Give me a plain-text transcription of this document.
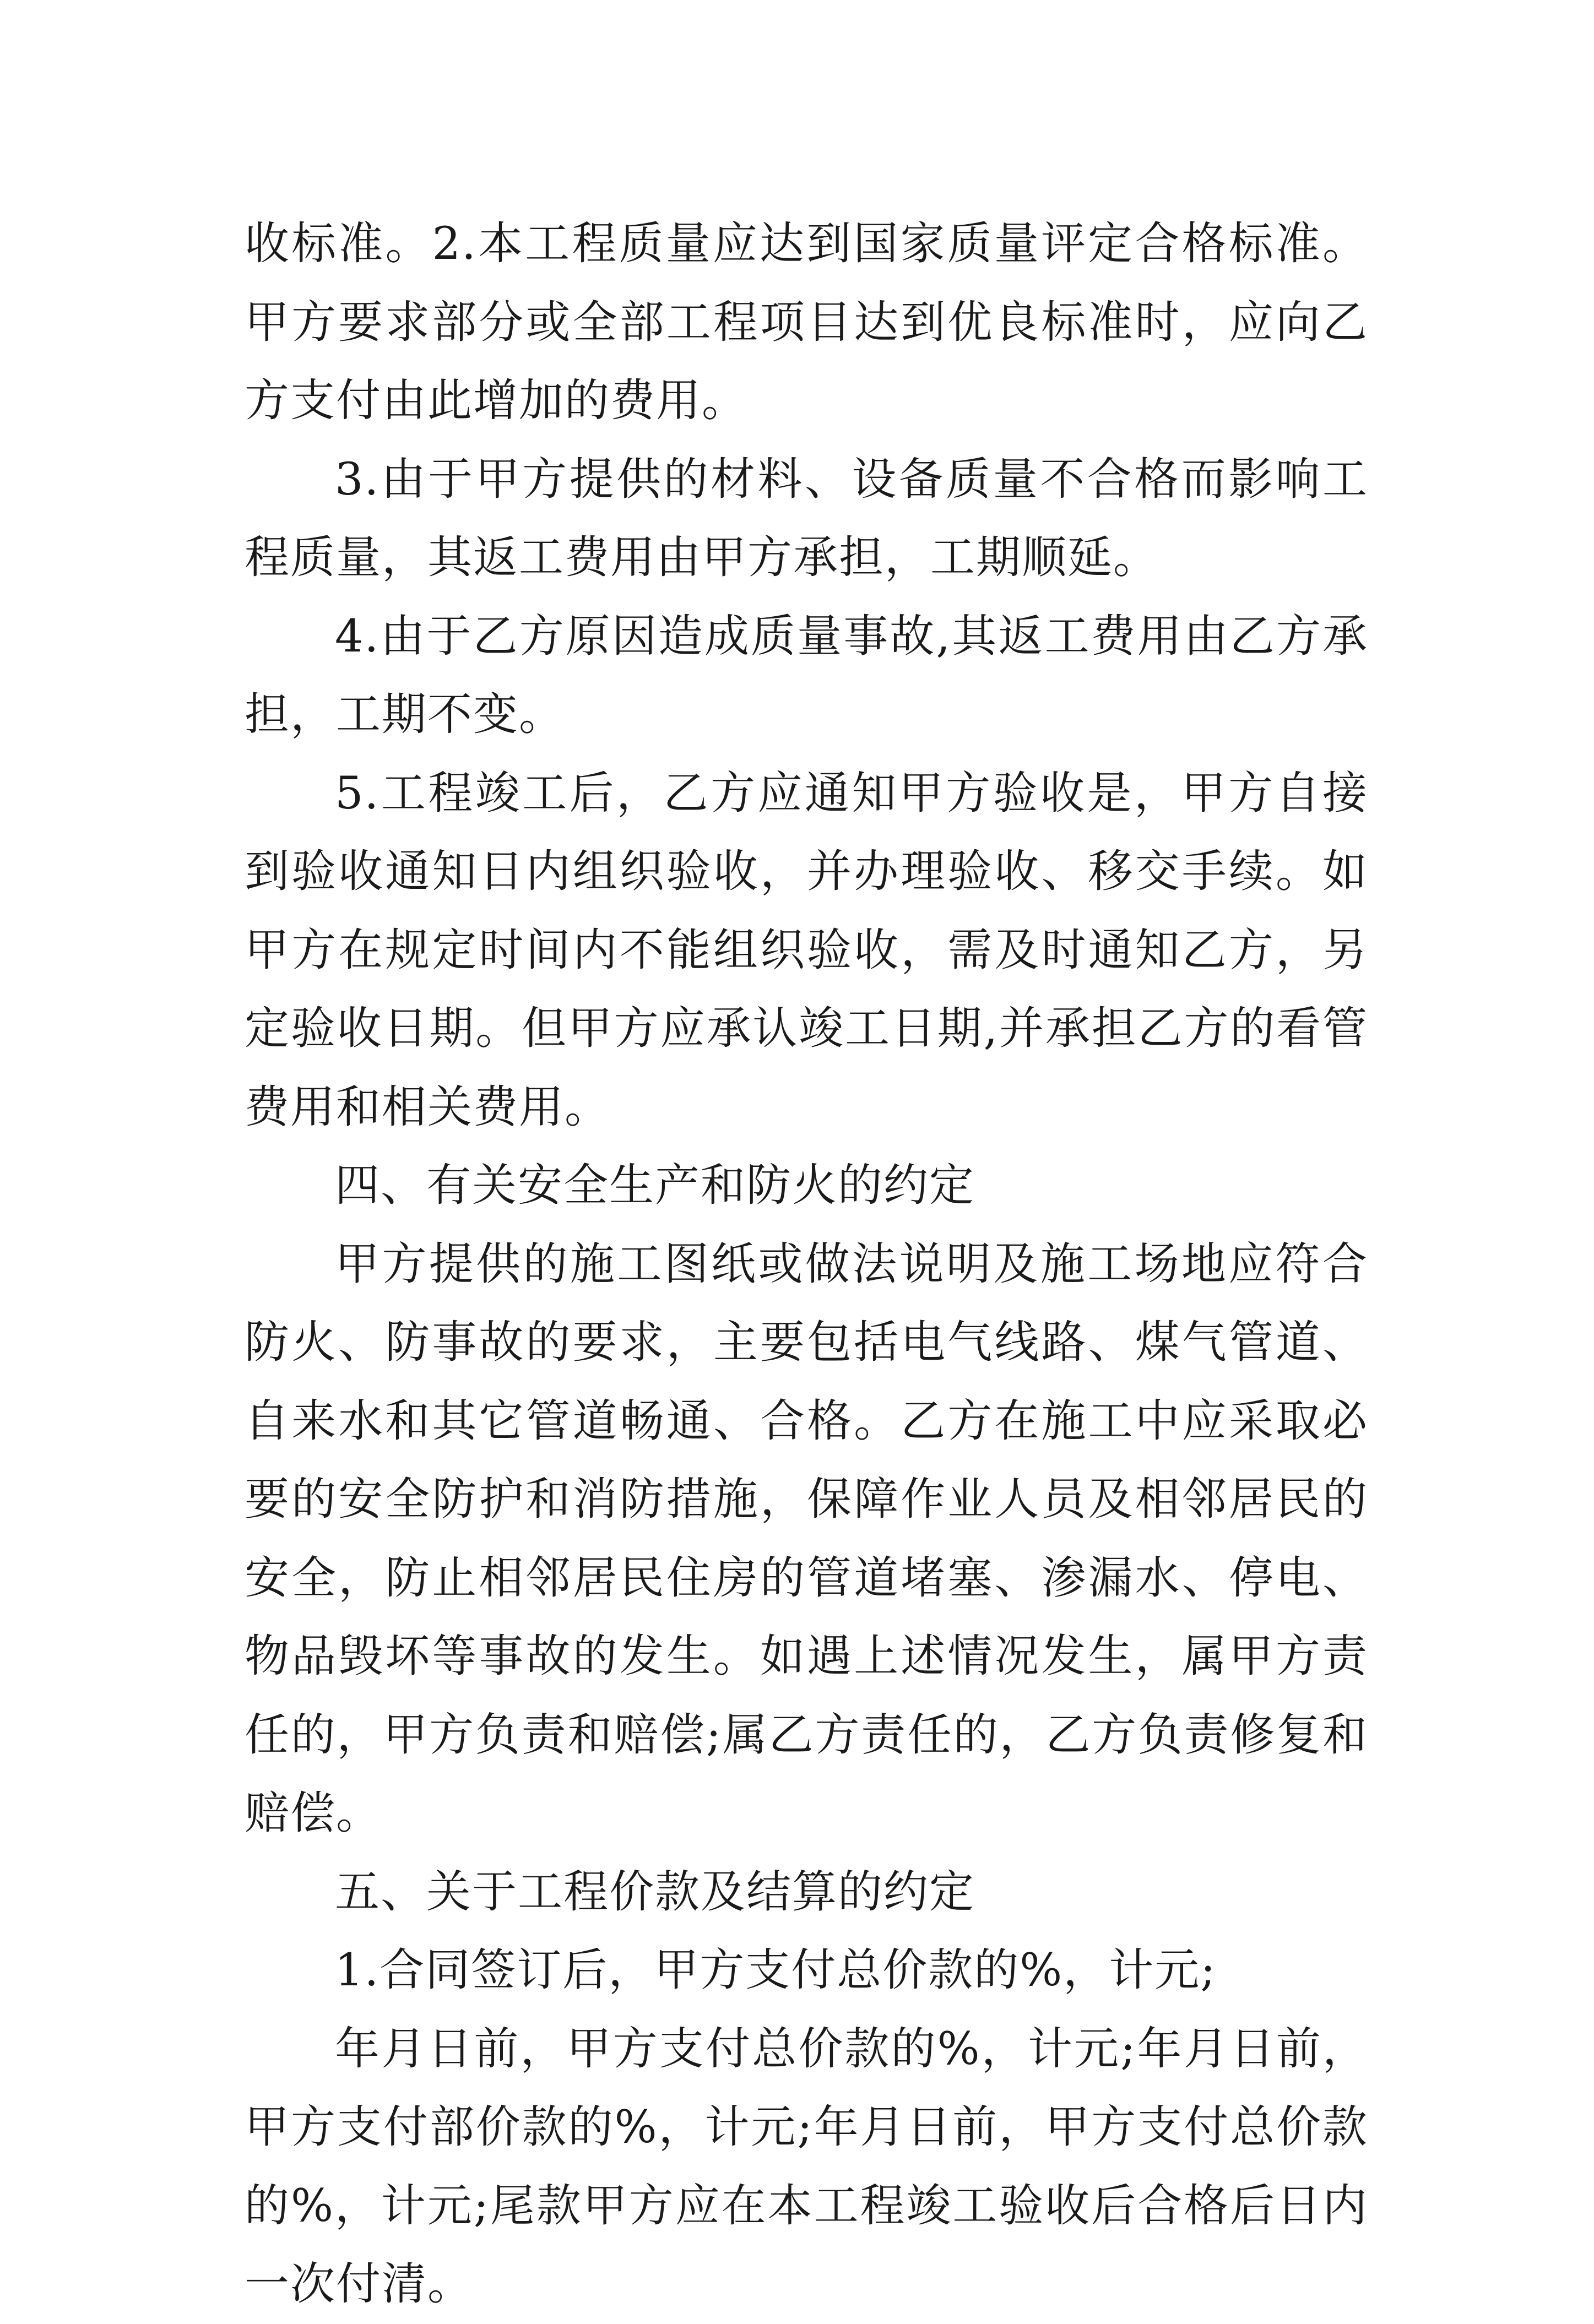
收标准。2.本工程质量应达到国家质量评定合格标准。甲方要求部分或全部工程项目达到优良标准时，应向乙方支付由此增加的费用。

3.由于甲方提供的材料、设备质量不合格而影响工程质量，其返工费用由甲方承担，工期顺延。

4.由于乙方原因造成质量事故,其返工费用由乙方承担，工期不变。

5.工程竣工后，乙方应通知甲方验收是，甲方自接到验收通知日内组织验收，并办理验收、移交手续。如甲方在规定时间内不能组织验收，需及时通知乙方，另定验收日期。但甲方应承认竣工日期,并承担乙方的看管费用和相关费用。

四、有关安全生产和防火的约定

甲方提供的施工图纸或做法说明及施工场地应符合防火、防事故的要求，主要包括电气线路、煤气管道、自来水和其它管道畅通、合格。乙方在施工中应采取必要的安全防护和消防措施，保障作业人员及相邻居民的安全，防止相邻居民住房的管道堵塞、渗漏水、停电、物品毁坏等事故的发生。如遇上述情况发生，属甲方责任的，甲方负责和赔偿;属乙方责任的，乙方负责修复和赔偿。

五、关于工程价款及结算的约定

1.合同签订后，甲方支付总价款的%，计元;

年月日前，甲方支付总价款的%，计元;年月日前，甲方支付部价款的%，计元;年月日前，甲方支付总价款的%，计元;尾款甲方应在本工程竣工验收后合格后日内一次付清。
